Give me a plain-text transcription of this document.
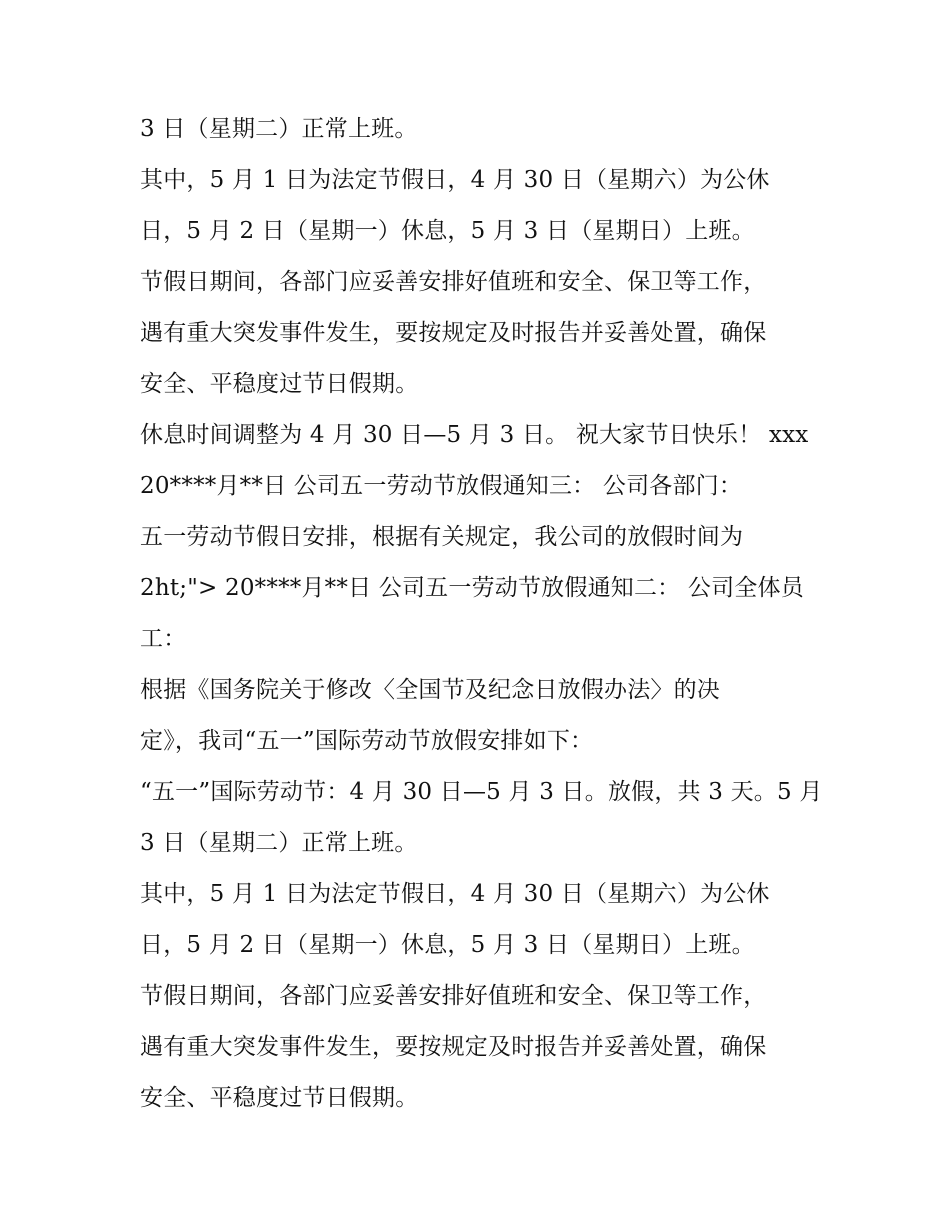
3 日（星期二）正常上班。
其中，5 月 1 日为法定节假日，4 月 30 日（星期六）为公休
日，5 月 2 日（星期一）休息，5 月 3 日（星期日）上班。
节假日期间，各部门应妥善安排好值班和安全、保卫等工作，
遇有重大突发事件发生，要按规定及时报告并妥善处置，确保
安全、平稳度过节日假期。
休息时间调整为 4 月 30 日—5 月 3 日。 祝大家节日快乐！ xxx
20****月**日 公司五一劳动节放假通知三： 公司各部门：
五一劳动节假日安排，根据有关规定，我公司的放假时间为
2ht;"> 20****月**日 公司五一劳动节放假通知二： 公司全体员
工：
根据《国务院关于修改〈全国节及纪念日放假办法〉的决
定》，我司“五一”国际劳动节放假安排如下：
“五一”国际劳动节：4 月 30 日—5 月 3 日。放假，共 3 天。5 月
3 日（星期二）正常上班。
其中，5 月 1 日为法定节假日，4 月 30 日（星期六）为公休
日，5 月 2 日（星期一）休息，5 月 3 日（星期日）上班。
节假日期间，各部门应妥善安排好值班和安全、保卫等工作，
遇有重大突发事件发生，要按规定及时报告并妥善处置，确保
安全、平稳度过节日假期。
